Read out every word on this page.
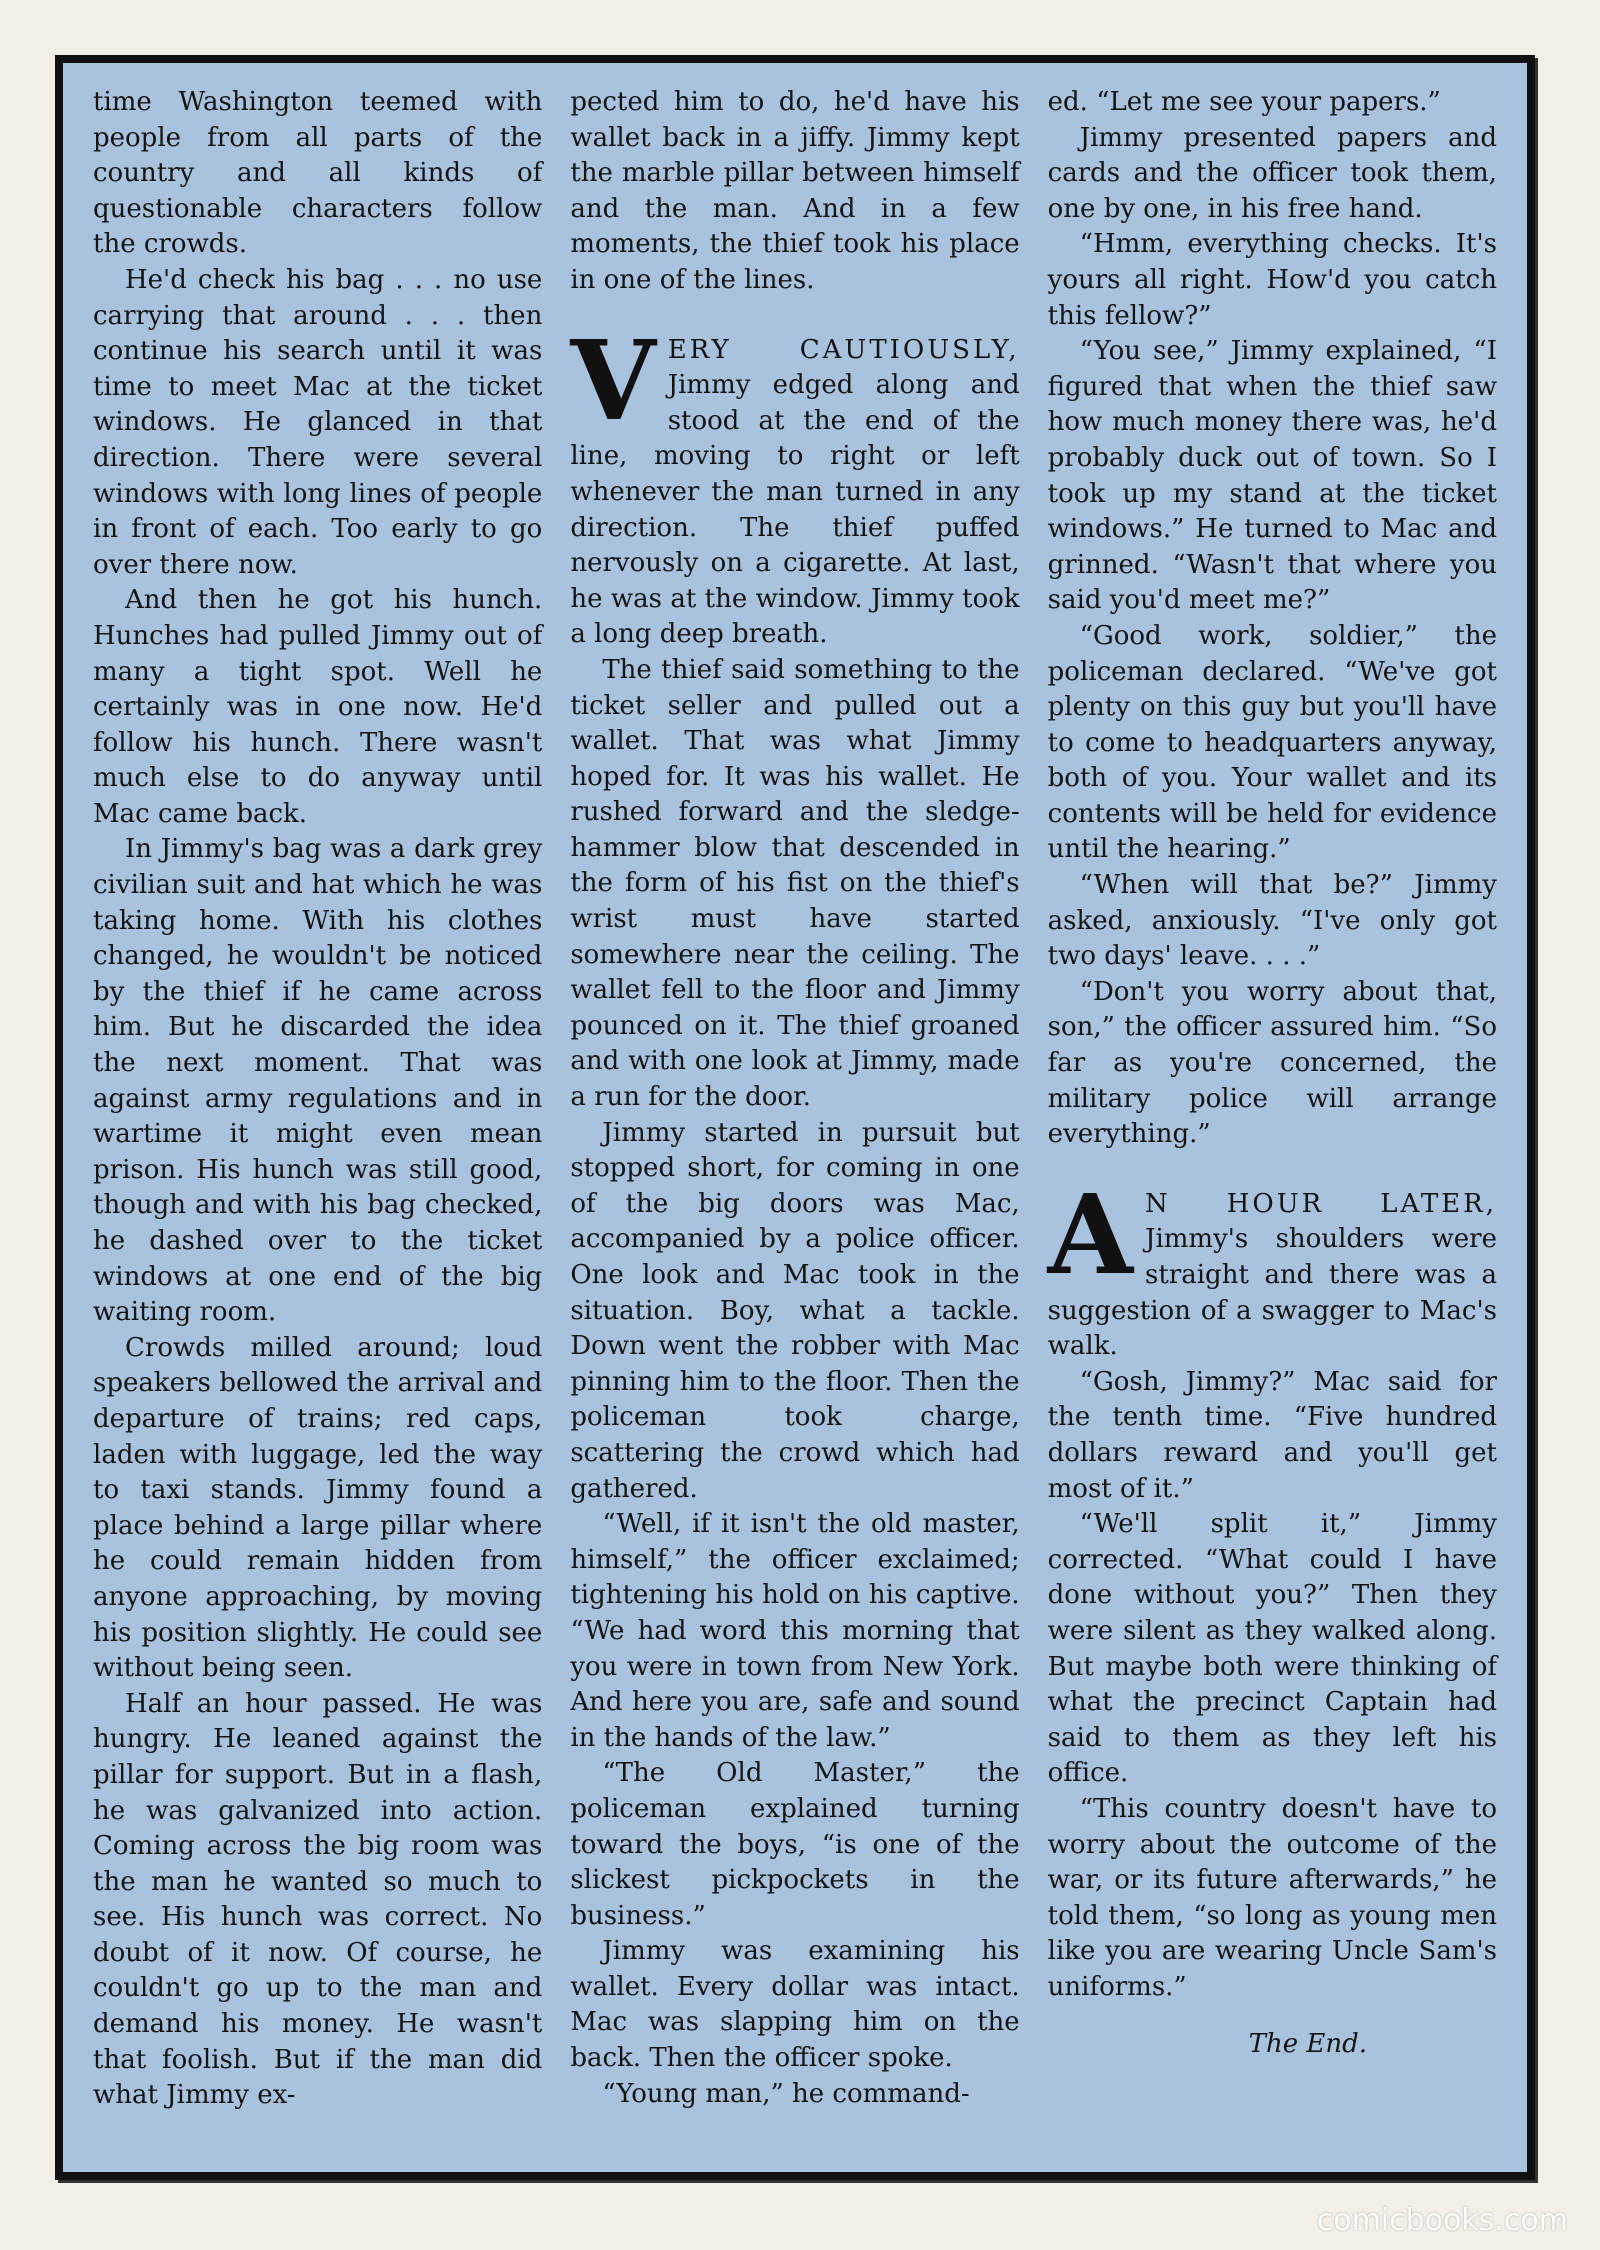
time Washington teemed with people from all parts of the country and all kinds of questionable characters follow the crowds.

He'd check his bag . . . no use carrying that around . . . then continue his search until it was time to meet Mac at the ticket windows. He glanced in that direction. There were several windows with long lines of people in front of each. Too early to go over there now.

And then he got his hunch. Hunches had pulled Jimmy out of many a tight spot. Well he certainly was in one now. He'd follow his hunch. There wasn't much else to do anyway until Mac came back.

In Jimmy's bag was a dark grey civilian suit and hat which he was taking home. With his clothes changed, he wouldn't be noticed by the thief if he came across him. But he discarded the idea the next moment. That was against army regulations and in wartime it might even mean prison. His hunch was still good, though and with his bag checked, he dashed over to the ticket windows at one end of the big waiting room.

Crowds milled around; loud speakers bellowed the arrival and departure of trains; red caps, laden with luggage, led the way to taxi stands. Jimmy found a place behind a large pillar where he could remain hidden from anyone approaching, by moving his position slightly. He could see without being seen.

Half an hour passed. He was hungry. He leaned against the pillar for support. But in a flash, he was galvanized into action. Coming across the big room was the man he wanted so much to see. His hunch was correct. No doubt of it now. Of course, he couldn't go up to the man and demand his money. He wasn't that foolish. But if the man did what Jimmy ex-

pected him to do, he'd have his wallet back in a jiffy. Jimmy kept the marble pillar between himself and the man. And in a few moments, the thief took his place in one of the lines.

VERY CAUTIOUSLY, Jimmy edged along and stood at the end of the line, moving to right or left whenever the man turned in any direction. The thief puffed nervously on a cigarette. At last, he was at the window. Jimmy took a long deep breath.

The thief said something to the ticket seller and pulled out a wallet. That was what Jimmy hoped for. It was his wallet. He rushed forward and the sledge-hammer blow that descended in the form of his fist on the thief's wrist must have started somewhere near the ceiling. The wallet fell to the floor and Jimmy pounced on it. The thief groaned and with one look at Jimmy, made a run for the door.

Jimmy started in pursuit but stopped short, for coming in one of the big doors was Mac, accompanied by a police officer. One look and Mac took in the situation. Boy, what a tackle. Down went the robber with Mac pinning him to the floor. Then the policeman took charge, scattering the crowd which had gathered.

“Well, if it isn't the old master, himself,” the officer exclaimed; tightening his hold on his captive. “We had word this morning that you were in town from New York. And here you are, safe and sound in the hands of the law.”

“The Old Master,” the policeman explained turning toward the boys, “is one of the slickest pickpockets in the business.”

Jimmy was examining his wallet. Every dollar was intact. Mac was slapping him on the back. Then the officer spoke.

“Young man,” he command-

ed. “Let me see your papers.”

Jimmy presented papers and cards and the officer took them, one by one, in his free hand.

“Hmm, everything checks. It's yours all right. How'd you catch this fellow?”

“You see,” Jimmy explained, “I figured that when the thief saw how much money there was, he'd probably duck out of town. So I took up my stand at the ticket windows.” He turned to Mac and grinned. “Wasn't that where you said you'd meet me?”

“Good work, soldier,” the policeman declared. “We've got plenty on this guy but you'll have to come to headquarters anyway, both of you. Your wallet and its contents will be held for evidence until the hearing.”

“When will that be?” Jimmy asked, anxiously. “I've only got two days' leave. . . .”

“Don't you worry about that, son,” the officer assured him. “So far as you're concerned, the military police will arrange everything.”

A N HOUR LATER, Jimmy's shoulders were straight and there was a suggestion of a swagger to Mac's walk.

“Gosh, Jimmy?” Mac said for the tenth time. “Five hundred dollars reward and you'll get most of it.”

“We'll split it,” Jimmy corrected. “What could I have done without you?” Then they were silent as they walked along. But maybe both were thinking of what the precinct Captain had said to them as they left his office.

“This country doesn't have to worry about the outcome of the war, or its future afterwards,” he told them, “so long as young men like you are wearing Uncle Sam's uniforms.”

The End.

comicbooks.com
